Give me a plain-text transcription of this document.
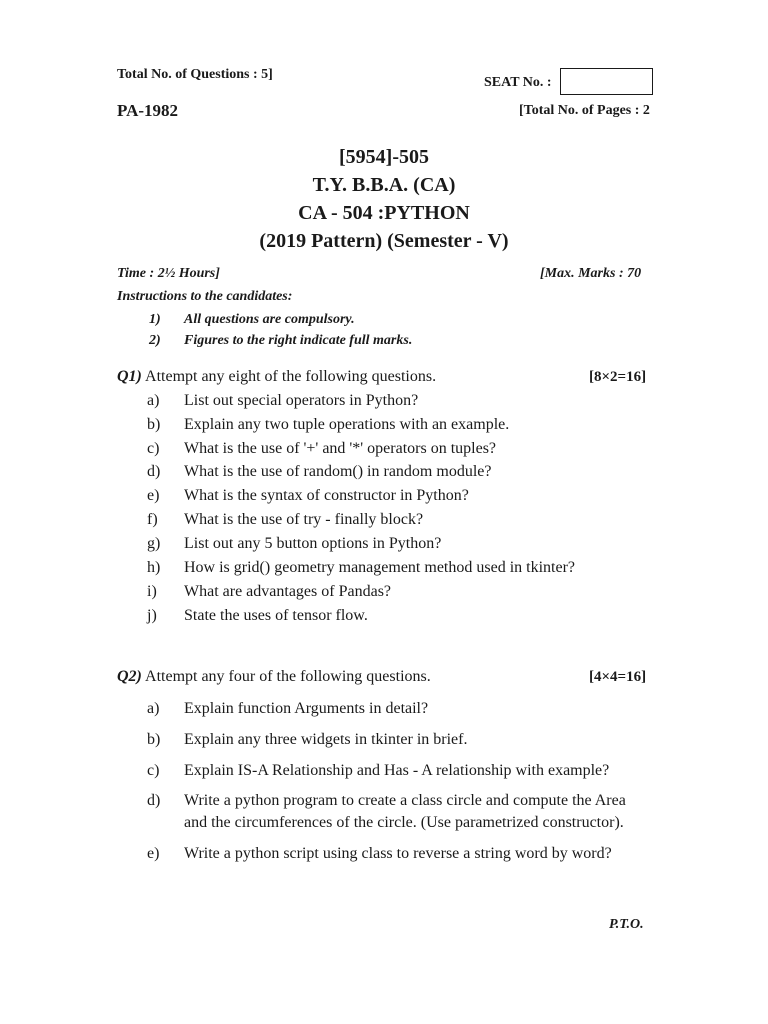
Total No. of Questions : 5]
SEAT No. :
PA-1982	[Total No. of Pages : 2
[5954]-505
T.Y. B.B.A. (CA)
CA - 504 :PYTHON
(2019 Pattern) (Semester - V)
Time : 2½ Hours]	[Max. Marks : 70
Instructions to the candidates:
1) All questions are compulsory.
2) Figures to the right indicate full marks.
Q1) Attempt any eight of the following questions.	[8×2=16]
a) List out special operators in Python?
b) Explain any two tuple operations with an example.
c) What is the use of '+' and '*' operators on tuples?
d) What is the use of random() in random module?
e) What is the syntax of constructor in Python?
f) What is the use of try - finally block?
g) List out any 5 button options in Python?
h) How is grid() geometry management method used in tkinter?
i) What are advantages of Pandas?
j) State the uses of tensor flow.
Q2) Attempt any four of the following questions.	[4×4=16]
a) Explain function Arguments in detail?
b) Explain any three widgets in tkinter in brief.
c) Explain IS-A Relationship and Has - A relationship with example?
d) Write a python program to create a class circle and compute the Area
and the circumferences of the circle. (Use parametrized constructor).
e) Write a python script using class to reverse a string word by word?
P.T.O.
